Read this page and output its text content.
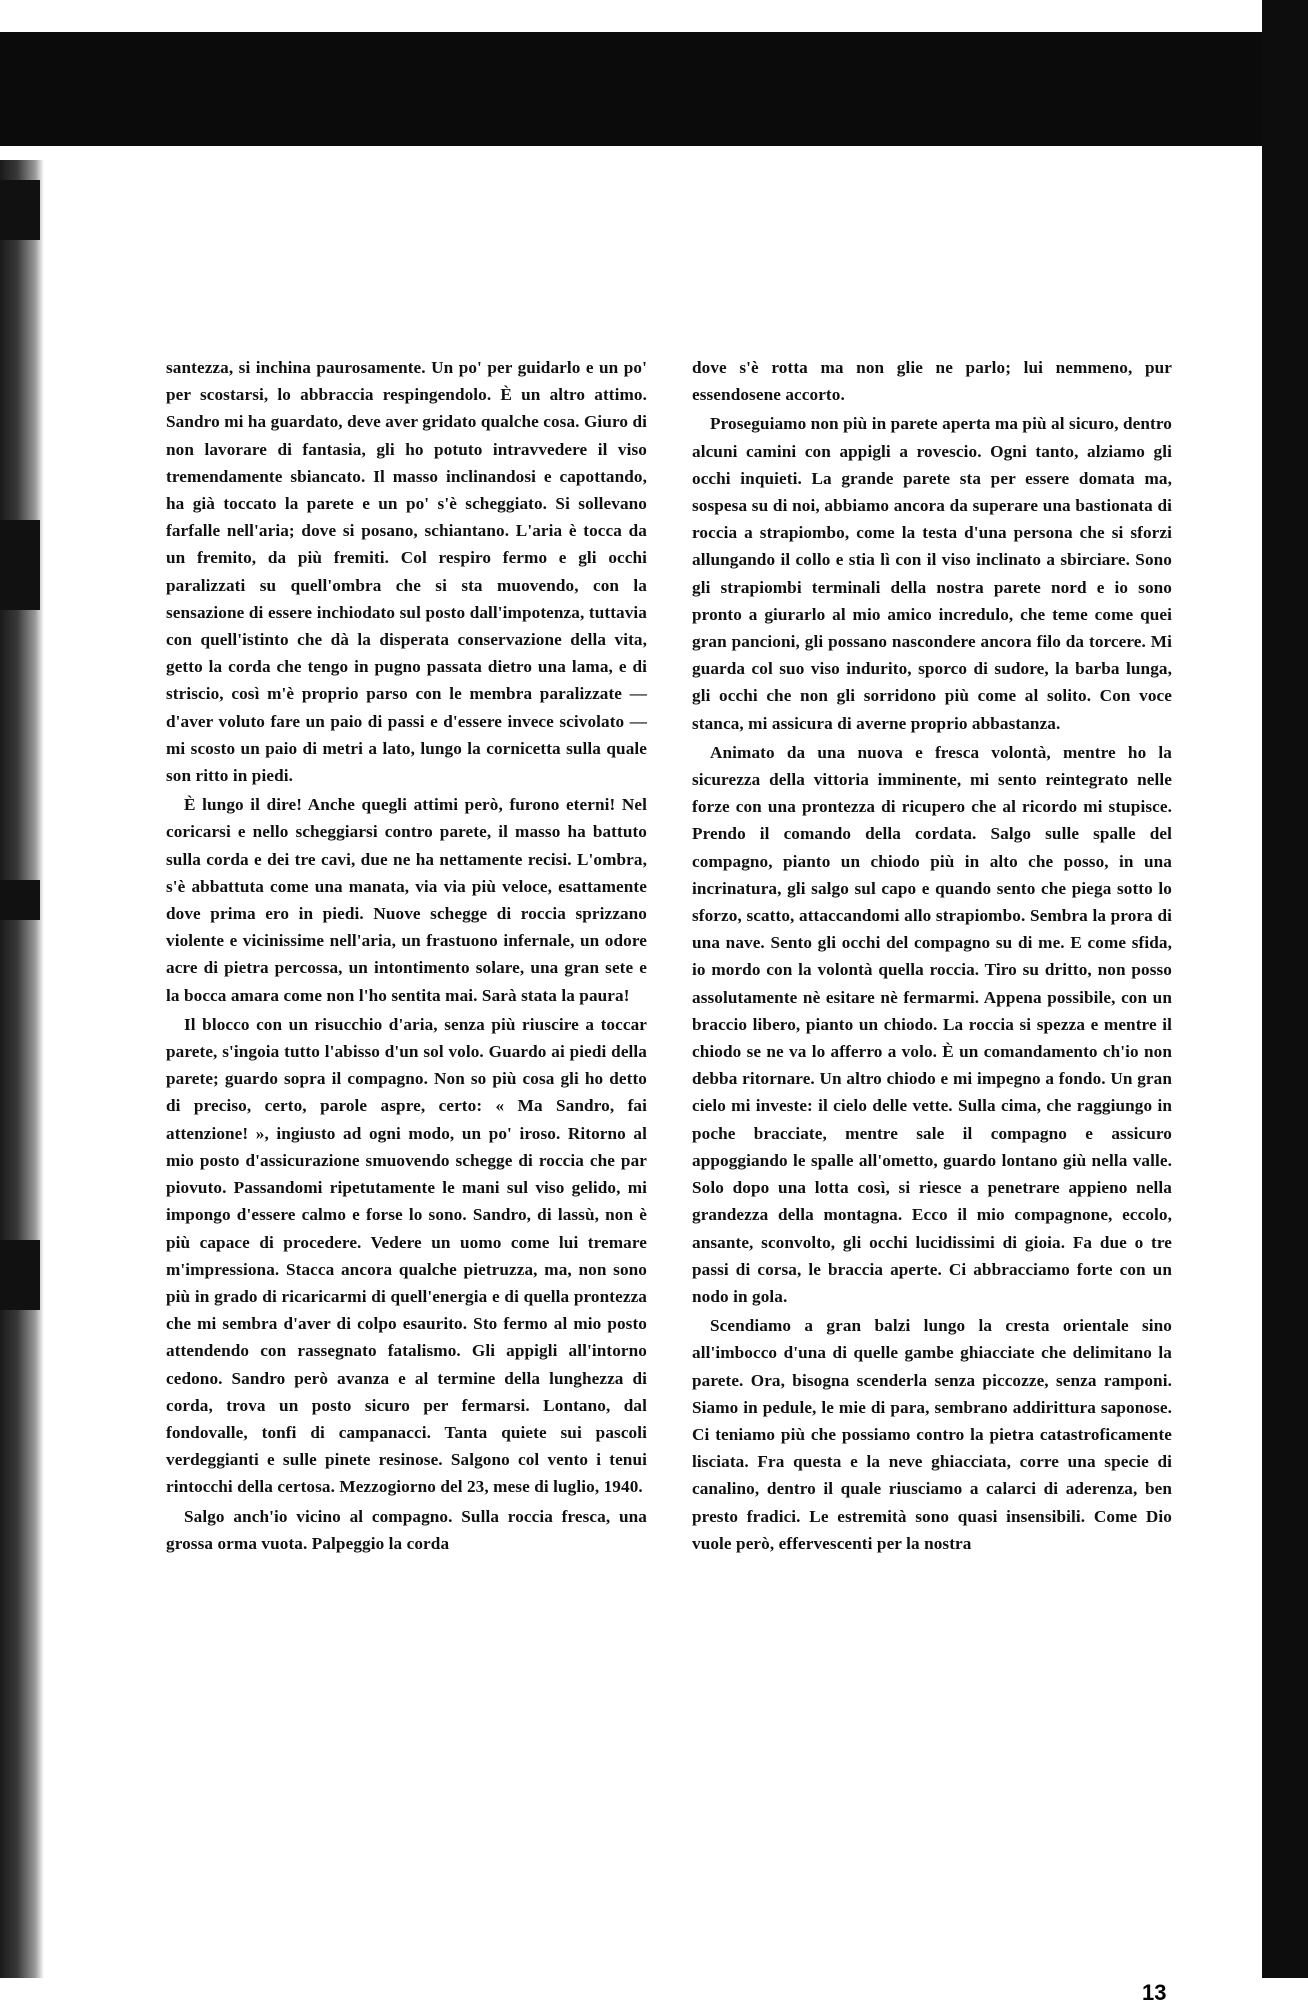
santezza, si inchina paurosamente. Un po' per guidarlo e un po' per scostarsi, lo abbraccia respingendolo. È un altro attimo. Sandro mi ha guardato, deve aver gridato qualche cosa. Giuro di non lavorare di fantasia, gli ho potuto intravvedere il viso tremendamente sbiancato. Il masso inclinandosi e capottando, ha già toccato la parete e un po' s'è scheggiato. Si sollevano farfalle nell'aria; dove si posano, schiantano. L'aria è tocca da un fremito, da più fremiti. Col respiro fermo e gli occhi paralizzati su quell'ombra che si sta muovendo, con la sensazione di essere inchiodato sul posto dall'impotenza, tuttavia con quell'istinto che dà la disperata conservazione della vita, getto la corda che tengo in pugno passata dietro una lama, e di striscio, così m'è proprio parso con le membra paralizzate — d'aver voluto fare un paio di passi e d'essere invece scivolato — mi scosto un paio di metri a lato, lungo la cornicetta sulla quale son ritto in piedi.

È lungo il dire! Anche quegli attimi però, furono eterni! Nel coricarsi e nello scheggiarsi contro parete, il masso ha battuto sulla corda e dei tre cavi, due ne ha nettamente recisi. L'ombra, s'è abbattuta come una manata, via via più veloce, esattamente dove prima ero in piedi. Nuove schegge di roccia sprizzano violente e vicinissime nell'aria, un frastuono infernale, un odore acre di pietra percossa, un intontimento solare, una gran sete e la bocca amara come non l'ho sentita mai. Sarà stata la paura!

Il blocco con un risucchio d'aria, senza più riuscire a toccar parete, s'ingoia tutto l'abisso d'un sol volo. Guardo ai piedi della parete; guardo sopra il compagno. Non so più cosa gli ho detto di preciso, certo, parole aspre, certo: « Ma Sandro, fai attenzione! », ingiusto ad ogni modo, un po' iroso. Ritorno al mio posto d'assicurazione smuovendo schegge di roccia che par piovuto. Passandomi ripetutamente le mani sul viso gelido, mi impongo d'essere calmo e forse lo sono. Sandro, di lassù, non è più capace di procedere. Vedere un uomo come lui tremare m'impressiona. Stacca ancora qualche pietruzza, ma, non sono più in grado di ricaricarmi di quell'energia e di quella prontezza che mi sembra d'aver di colpo esaurito. Sto fermo al mio posto attendendo con rassegnato fatalismo. Gli appigli all'intorno cedono. Sandro però avanza e al termine della lunghezza di corda, trova un posto sicuro per fermarsi. Lontano, dal fondovalle, tonfi di campanacci. Tanta quiete sui pascoli verdeggianti e sulle pinete resinose. Salgono col vento i tenui rintocchi della certosa. Mezzogiorno del 23, mese di luglio, 1940.

Salgo anch'io vicino al compagno. Sulla roccia fresca, una grossa orma vuota. Palpeggio la corda

dove s'è rotta ma non glie ne parlo; lui nemmeno, pur essendosene accorto.

Proseguiamo non più in parete aperta ma più al sicuro, dentro alcuni camini con appigli a rovescio. Ogni tanto, alziamo gli occhi inquieti. La grande parete sta per essere domata ma, sospesa su di noi, abbiamo ancora da superare una bastionata di roccia a strapiombo, come la testa d'una persona che si sforzi allungando il collo e stia lì con il viso inclinato a sbirciare. Sono gli strapiombi terminali della nostra parete nord e io sono pronto a giurarlo al mio amico incredulo, che teme come quei gran pancioni, gli possano nascondere ancora filo da torcere. Mi guarda col suo viso indurito, sporco di sudore, la barba lunga, gli occhi che non gli sorridono più come al solito. Con voce stanca, mi assicura di averne proprio abbastanza.

Animato da una nuova e fresca volontà, mentre ho la sicurezza della vittoria imminente, mi sento reintegrato nelle forze con una prontezza di ricupero che al ricordo mi stupisce. Prendo il comando della cordata. Salgo sulle spalle del compagno, pianto un chiodo più in alto che posso, in una incrinatura, gli salgo sul capo e quando sento che piega sotto lo sforzo, scatto, attaccandomi allo strapiombo. Sembra la prora di una nave. Sento gli occhi del compagno su di me. E come sfida, io mordo con la volontà quella roccia. Tiro su dritto, non posso assolutamente nè esitare nè fermarmi. Appena possibile, con un braccio libero, pianto un chiodo. La roccia si spezza e mentre il chiodo se ne va lo afferro a volo. È un comandamento ch'io non debba ritornare. Un altro chiodo e mi impegno a fondo. Un gran cielo mi investe: il cielo delle vette. Sulla cima, che raggiungo in poche bracciate, mentre sale il compagno e assicuro appoggiando le spalle all'ometto, guardo lontano giù nella valle. Solo dopo una lotta così, si riesce a penetrare appieno nella grandezza della montagna. Ecco il mio compagnone, eccolo, ansante, sconvolto, gli occhi lucidissimi di gioia. Fa due o tre passi di corsa, le braccia aperte. Ci abbracciamo forte con un nodo in gola.

Scendiamo a gran balzi lungo la cresta orientale sino all'imbocco d'una di quelle gambe ghiacciate che delimitano la parete. Ora, bisogna scenderla senza piccozze, senza ramponi. Siamo in pedule, le mie di para, sembrano addirittura saponose. Ci teniamo più che possiamo contro la pietra catastroficamente lisciata. Fra questa e la neve ghiacciata, corre una specie di canalino, dentro il quale riusciamo a calarci di aderenza, ben presto fradici. Le estremità sono quasi insensibili. Come Dio vuole però, effervescenti per la nostra

13
